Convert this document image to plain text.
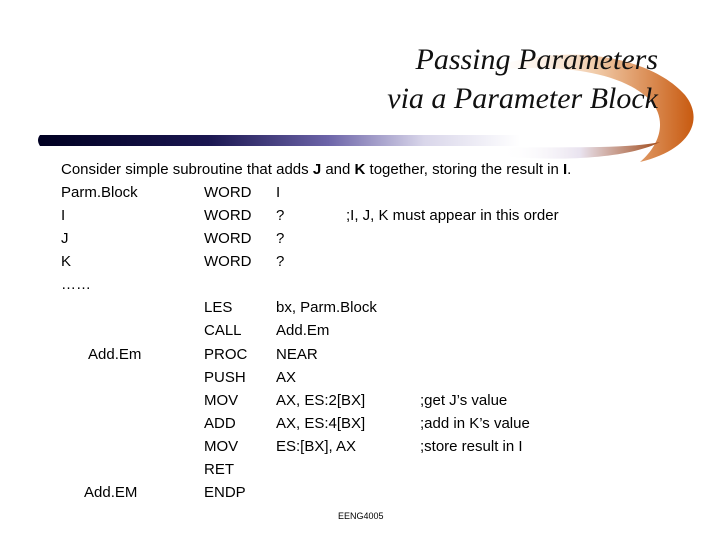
Passing Parameters
via a Parameter Block
Consider simple subroutine that adds J and K together, storing the result in I.
Parm.Block	WORD I
I	WORD ?	;I, J, K must appear in this order
J	WORD ?
K	WORD ?
……
LES	bx, Parm.Block
CALL Add.Em
Add.Em	PROC NEAR
PUSH AX
MOV	AX, ES:2[BX]	;get J’s value
ADD	AX, ES:4[BX]	;add in K’s value
MOV	ES:[BX], AX	;store result in I
RET
Add.EM	ENDP
EENG4005
